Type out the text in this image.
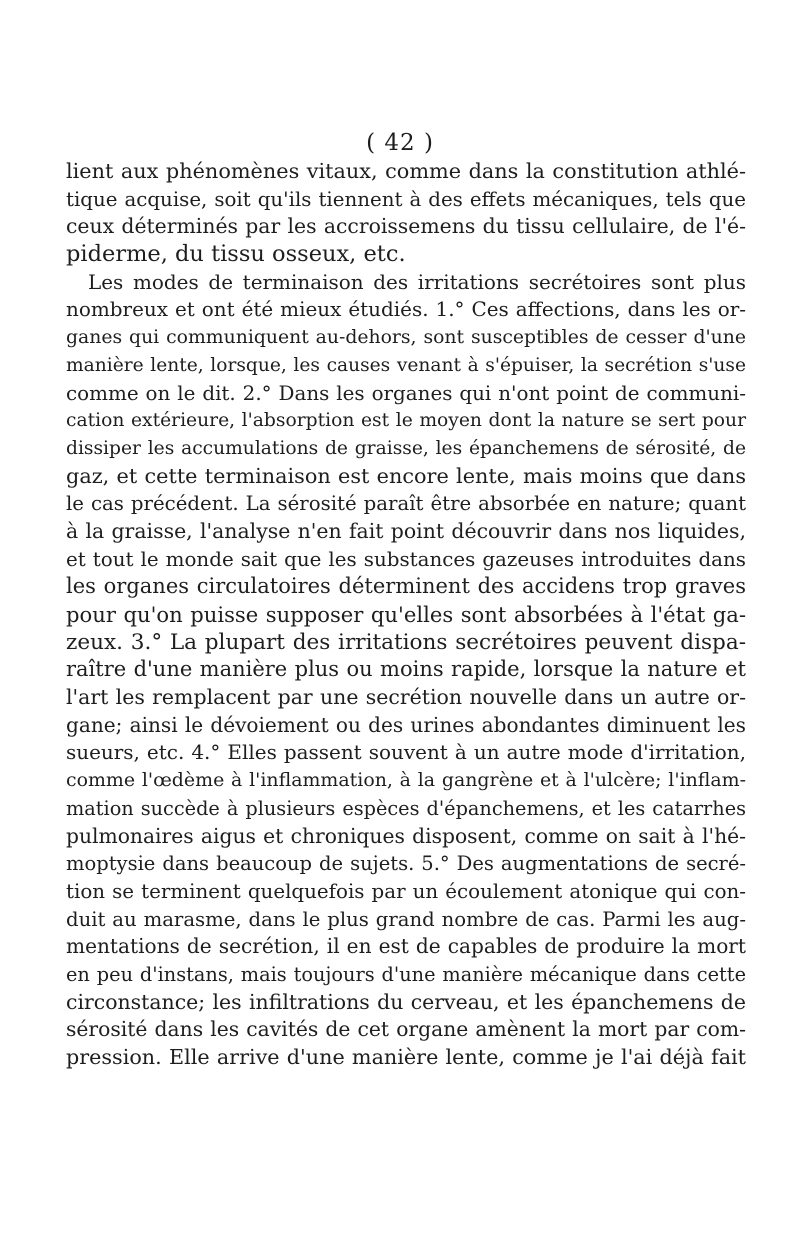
( 42 )
lient aux phénomènes vitaux, comme dans la constitution athlé-
tique acquise, soit qu'ils tiennent à des effets mécaniques, tels que
ceux déterminés par les accroissemens du tissu cellulaire, de l'é-
piderme, du tissu osseux, etc.
Les modes de terminaison des irritations secrétoires sont plus
nombreux et ont été mieux étudiés. 1.° Ces affections, dans les or-
ganes qui communiquent au-dehors, sont susceptibles de cesser d'une
manière lente, lorsque, les causes venant à s'épuiser, la secrétion s'use
comme on le dit. 2.° Dans les organes qui n'ont point de communi-
cation extérieure, l'absorption est le moyen dont la nature se sert pour
dissiper les accumulations de graisse, les épanchemens de sérosité, de
gaz, et cette terminaison est encore lente, mais moins que dans
le cas précédent. La sérosité paraît être absorbée en nature; quant
à la graisse, l'analyse n'en fait point découvrir dans nos liquides,
et tout le monde sait que les substances gazeuses introduites dans
les organes circulatoires déterminent des accidens trop graves
pour qu'on puisse supposer qu'elles sont absorbées à l'état ga-
zeux. 3.° La plupart des irritations secrétoires peuvent dispa-
raître d'une manière plus ou moins rapide, lorsque la nature et
l'art les remplacent par une secrétion nouvelle dans un autre or-
gane; ainsi le dévoiement ou des urines abondantes diminuent les
sueurs, etc. 4.° Elles passent souvent à un autre mode d'irritation,
comme l'œdème à l'inflammation, à la gangrène et à l'ulcère; l'inflam-
mation succède à plusieurs espèces d'épanchemens, et les catarrhes
pulmonaires aigus et chroniques disposent, comme on sait à l'hé-
moptysie dans beaucoup de sujets. 5.° Des augmentations de secré-
tion se terminent quelquefois par un écoulement atonique qui con-
duit au marasme, dans le plus grand nombre de cas. Parmi les aug-
mentations de secrétion, il en est de capables de produire la mort
en peu d'instans, mais toujours d'une manière mécanique dans cette
circonstance; les infiltrations du cerveau, et les épanchemens de
sérosité dans les cavités de cet organe amènent la mort par com-
pression. Elle arrive d'une manière lente, comme je l'ai déjà fait
